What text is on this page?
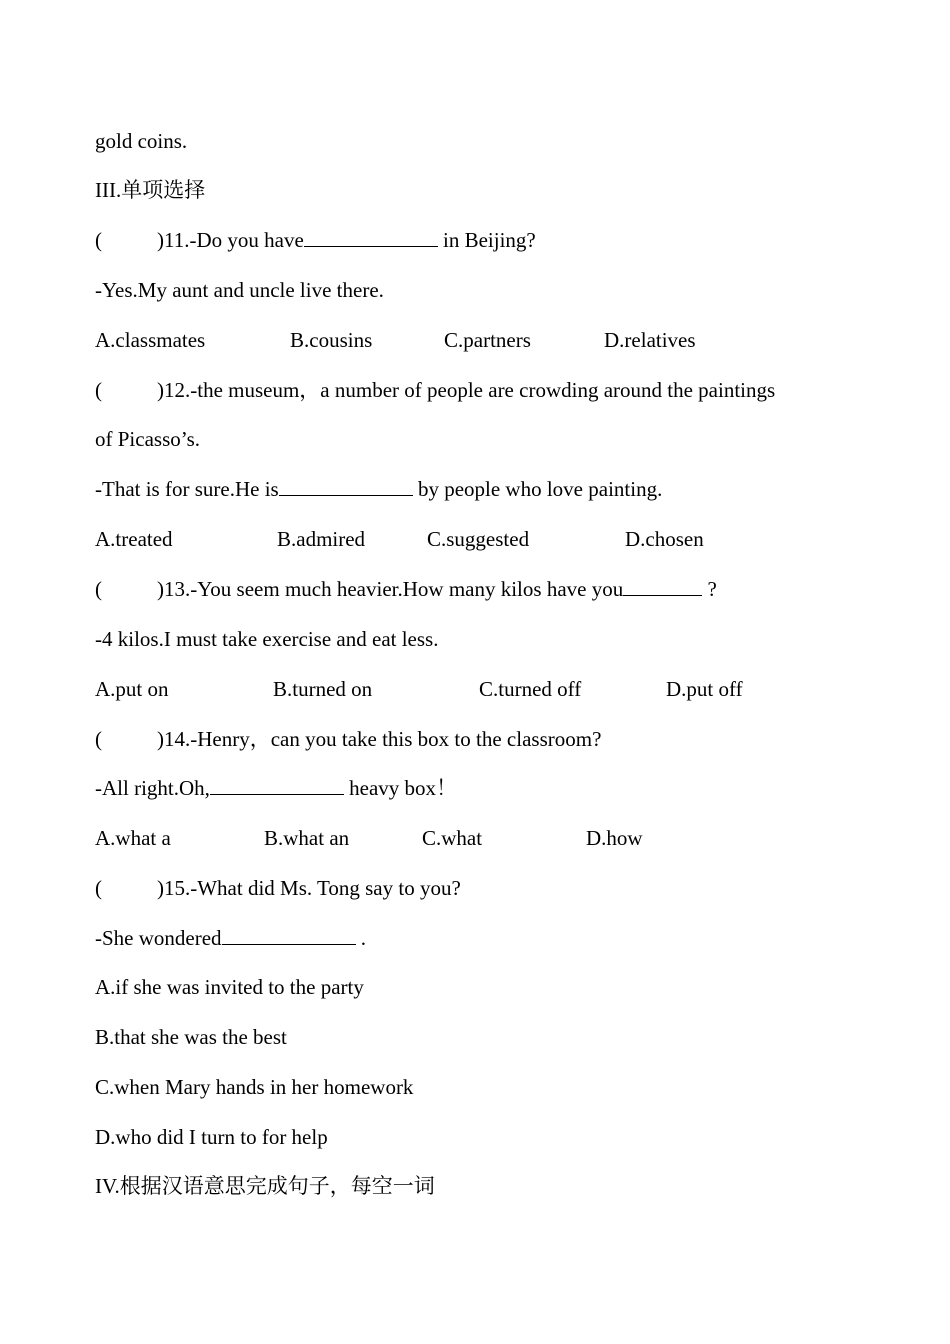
gold coins.
III.单项选择
(	)11.-Do you have	in Beijing?
-Yes.My aunt and uncle live there.
A.classmates	B.cousins	C.partners	D.relatives
(	)12.-the museum，a number of people are crowding around the paintings
of Picasso’s.
-That is for sure.He is	by people who love painting.
A.treated	B.admired	C.suggested	D.chosen
(	)13.-You seem much heavier.How many kilos have you	?
-4 kilos.I must take exercise and eat less.
A.put on	B.turned on	C.turned off	D.put off
(	)14.-Henry，can you take this box to the classroom?
-All right.Oh,	heavy box！
A.what a	B.what an	C.what	D.how
(	)15.-What did Ms. Tong say to you?
-She wondered	.
A.if she was invited to the party
B.that she was the best
C.when Mary hands in her homework
D.who did I turn to for help
IV.根据汉语意思完成句子，每空一词
